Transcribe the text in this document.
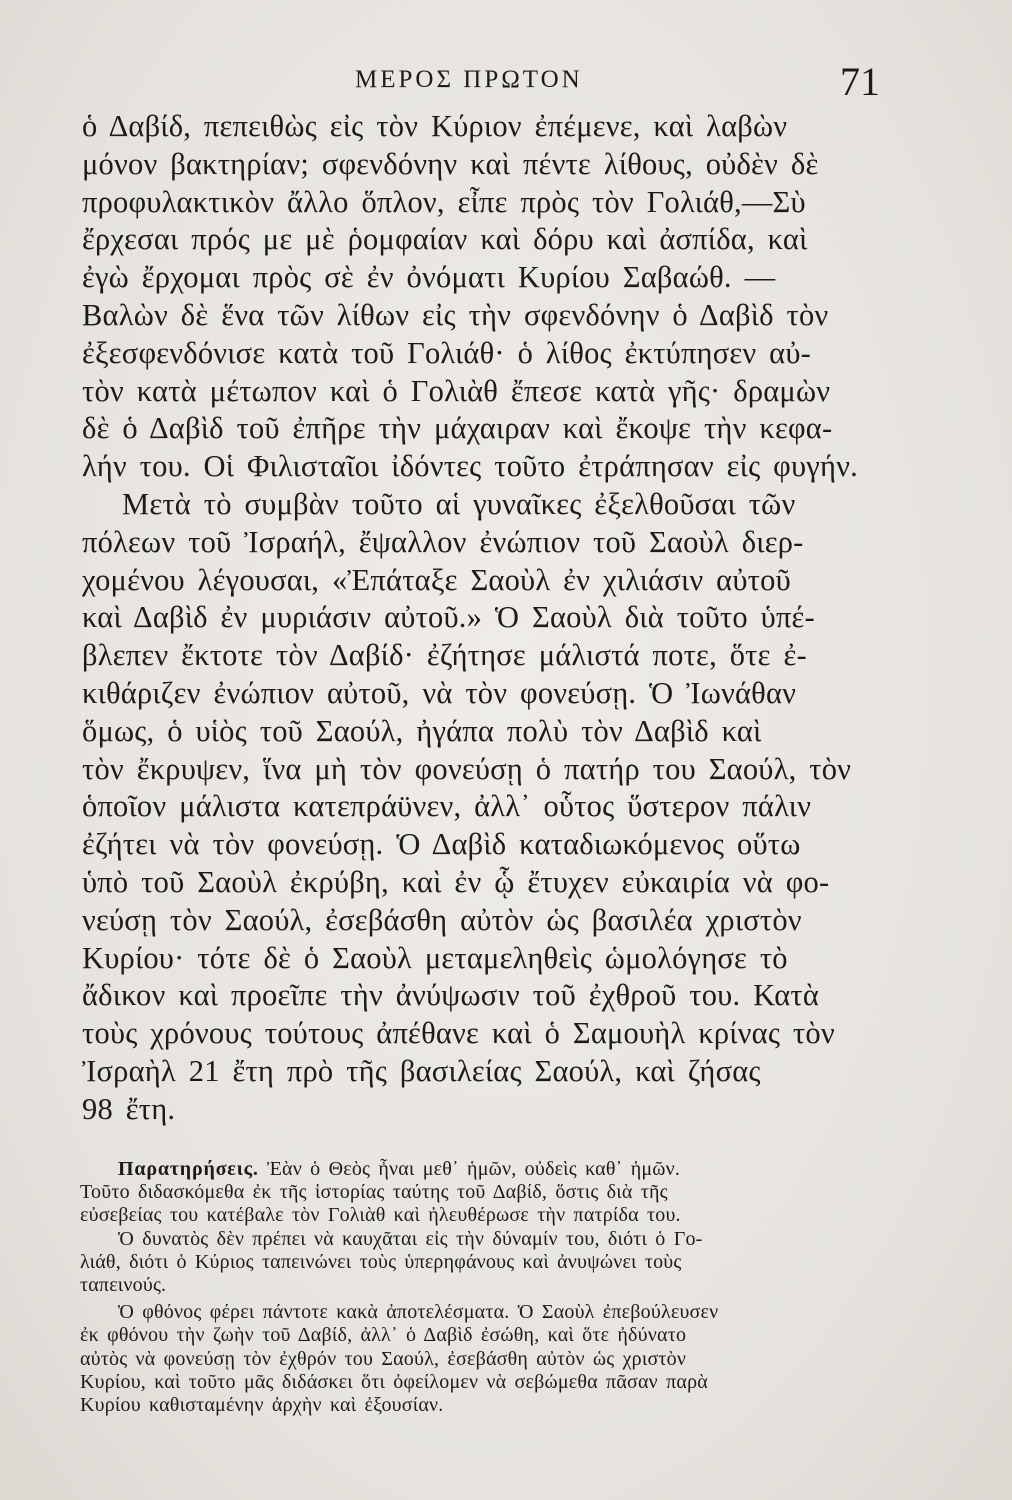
ΜΕΡΟΣ ΠΡΩΤΟΝ	71
ὁ Δαβίδ, πεπειθὼς εἰς τὸν Κύριον ἐπέμενε, καὶ λαβὼν
μόνον βακτηρίαν; σφενδόνην καὶ πέντε λίθους, οὐδὲν δὲ
προφυλακτικὸν ἄλλο ὅπλον, εἶπε πρὸς τὸν Γολιάθ,—Σὺ
ἔρχεσαι πρός με μὲ ῥομφαίαν καὶ δόρυ καὶ ἀσπίδα, καὶ
ἐγὼ ἔρχομαι πρὸς σὲ ἐν ὀνόματι Κυρίου Σαβαώθ. —
Βαλὼν δὲ ἕνα τῶν λίθων εἰς τὴν σφενδόνην ὁ Δαβὶδ τὸν
ἐξεσφενδόνισε κατὰ τοῦ Γολιάθ· ὁ λίθος ἐκτύπησεν αὐ-
τὸν κατὰ μέτωπον καὶ ὁ Γολιὰθ ἔπεσε κατὰ γῆς· δραμὼν
δὲ ὁ Δαβὶδ τοῦ ἐπῆρε τὴν μάχαιραν καὶ ἔκοψε τὴν κεφα-
λήν του. Οἱ Φιλισταῖοι ἰδόντες τοῦτο ἐτράπησαν εἰς φυγήν.
Μετὰ τὸ συμβὰν τοῦτο αἱ γυναῖκες ἐξελθοῦσαι τῶν
πόλεων τοῦ Ἰσραήλ, ἔψαλλον ἐνώπιον τοῦ Σαοὺλ διερ-
χομένου λέγουσαι, «Ἐπάταξε Σαοὺλ ἐν χιλιάσιν αὐτοῦ
καὶ Δαβὶδ ἐν μυριάσιν αὐτοῦ.» Ὁ Σαοὺλ διὰ τοῦτο ὑπέ-
βλεπεν ἔκτοτε τὸν Δαβίδ· ἐζήτησε μάλιστά ποτε, ὅτε ἐ-
κιθάριζεν ἐνώπιον αὐτοῦ, νὰ τὸν φονεύσῃ. Ὁ Ἰωνάθαν
ὅμως, ὁ υἱὸς τοῦ Σαούλ, ἠγάπα πολὺ τὸν Δαβὶδ καὶ
τὸν ἔκρυψεν, ἵνα μὴ τὸν φονεύσῃ ὁ πατήρ του Σαούλ, τὸν
ὁποῖον μάλιστα κατεπράϋνεν, ἀλλ᾽ οὗτος ὕστερον πάλιν
ἐζήτει νὰ τὸν φονεύσῃ. Ὁ Δαβὶδ καταδιωκόμενος οὕτω
ὑπὸ τοῦ Σαοὺλ ἐκρύβη, καὶ ἐν ᾧ ἔτυχεν εὐκαιρία νὰ φο-
νεύσῃ τὸν Σαούλ, ἐσεβάσθη αὐτὸν ὡς βασιλέα χριστὸν
Κυρίου· τότε δὲ ὁ Σαοὺλ μεταμεληθεὶς ὡμολόγησε τὸ
ἄδικον καὶ προεῖπε τὴν ἀνύψωσιν τοῦ ἐχθροῦ του. Κατὰ
τοὺς χρόνους τούτους ἀπέθανε καὶ ὁ Σαμουὴλ κρίνας τὸν
Ἰσραὴλ 21 ἔτη πρὸ τῆς βασιλείας Σαούλ, καὶ ζήσας
98 ἔτη.
Παρατηρήσεις. Ἐὰν ὁ Θεὸς ἦναι μεθ᾽ ἡμῶν, οὐδεὶς καθ᾽ ἡμῶν.
Τοῦτο διδασκόμεθα ἐκ τῆς ἱστορίας ταύτης τοῦ Δαβίδ, ὅστις διὰ τῆς
εὐσεβείας του κατέβαλε τὸν Γολιὰθ καὶ ἠλευθέρωσε τὴν πατρίδα του.
Ὁ δυνατὸς δὲν πρέπει νὰ καυχᾶται εἰς τὴν δύναμίν του, διότι ὁ Γο-
λιάθ, διότι ὁ Κύριος ταπεινώνει τοὺς ὑπερηφάνους καὶ ἀνυψώνει τοὺς
ταπεινούς.
Ὁ φθόνος φέρει πάντοτε κακὰ ἀποτελέσματα. Ὁ Σαοὺλ ἐπεβούλευσεν
ἐκ φθόνου τὴν ζωὴν τοῦ Δαβίδ, ἀλλ᾽ ὁ Δαβὶδ ἐσώθη, καὶ ὅτε ἠδύνατο
αὐτὸς νὰ φονεύσῃ τὸν ἐχθρόν του Σαούλ, ἐσεβάσθη αὐτὸν ὡς χριστὸν
Κυρίου, καὶ τοῦτο μᾶς διδάσκει ὅτι ὀφείλομεν νὰ σεβώμεθα πᾶσαν παρὰ
Κυρίου καθισταμένην ἀρχὴν καὶ ἐξουσίαν.
